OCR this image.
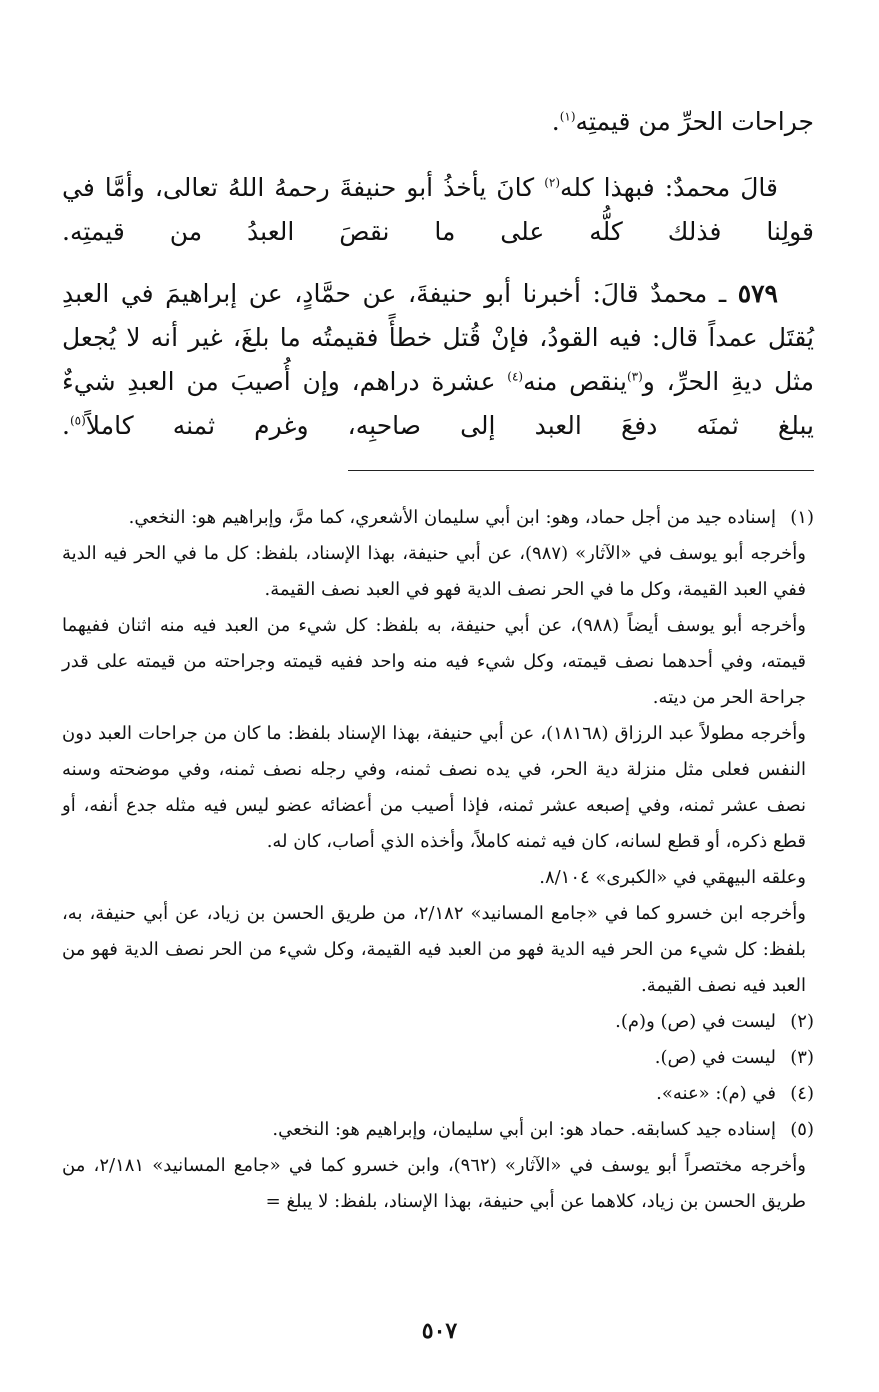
جراحات الحرِّ من قيمتِه$^{(١)}$.

قالَ محمدٌ: فبهذا كله$^{(٢)}$ كانَ يأخذُ أبو حنيفةَ رحمهُ اللهُ تعالى، وأمَّا في قولِنا فذلك كلُّه على ما نقصَ العبدُ من قيمتِه.

٥٧٩ ـ محمدٌ قالَ: أخبرنا أبو حنيفةَ، عن حمَّادٍ، عن إبراهيمَ في العبدِ يُقتَل عمداً قال: فيه القودُ، فإنْ قُتل خطأً فقيمتُه ما بلغَ، غير أنه لا يُجعل مثل ديةِ الحرِّ، و$^{(٣)}$ينقص منه$^{(٤)}$ عشرة دراهم، وإن أُصيبَ من العبدِ شيءٌ يبلغ ثمنَه دفعَ العبد إلى صاحبِه، وغرم ثمنه كاملاً$^{(٥)}$.

(١)

إسناده جيد من أجل حماد، وهو: ابن أبي سليمان الأشعري، كما مرَّ، وإبراهيم هو: النخعي.

وأخرجه أبو يوسف في «الآثار» (٩٨٧)، عن أبي حنيفة، بهذا الإسناد، بلفظ: كل ما في الحر فيه الدية ففي العبد القيمة، وكل ما في الحر نصف الدية فهو في العبد نصف القيمة.

وأخرجه أبو يوسف أيضاً (٩٨٨)، عن أبي حنيفة، به بلفظ: كل شيء من العبد فيه منه اثنان ففيهما قيمته، وفي أحدهما نصف قيمته، وكل شيء فيه منه واحد ففيه قيمته وجراحته من قيمته على قدر جراحة الحر من ديته.

وأخرجه مطولاً عبد الرزاق (١٨١٦٨)، عن أبي حنيفة، بهذا الإسناد بلفظ: ما كان من جراحات العبد دون النفس فعلى مثل منزلة دية الحر، في يده نصف ثمنه، وفي رجله نصف ثمنه، وفي موضحته وسنه نصف عشر ثمنه، وفي إصبعه عشر ثمنه، فإذا أصيب من أعضائه عضو ليس فيه مثله جدع أنفه، أو قطع ذكره، أو قطع لسانه، كان فيه ثمنه كاملاً، وأخذه الذي أصاب، كان له.

وعلقه البيهقي في «الكبرى» ٨/١٠٤.

وأخرجه ابن خسرو كما في «جامع المسانيد» ٢/١٨٢، من طريق الحسن بن زياد، عن أبي حنيفة، به، بلفظ: كل شيء من الحر فيه الدية فهو من العبد فيه القيمة، وكل شيء من الحر نصف الدية فهو من العبد فيه نصف القيمة.

(٢)

ليست في (ص) و(م).

(٣)

ليست في (ص).

(٤)

في (م): «عنه».

(٥)

إسناده جيد كسابقه. حماد هو: ابن أبي سليمان، وإبراهيم هو: النخعي.

وأخرجه مختصراً أبو يوسف في «الآثار» (٩٦٢)، وابن خسرو كما في «جامع المسانيد» ٢/١٨١، من طريق الحسن بن زياد، كلاهما عن أبي حنيفة، بهذا الإسناد، بلفظ: لا يبلغ =

٥٠٧
